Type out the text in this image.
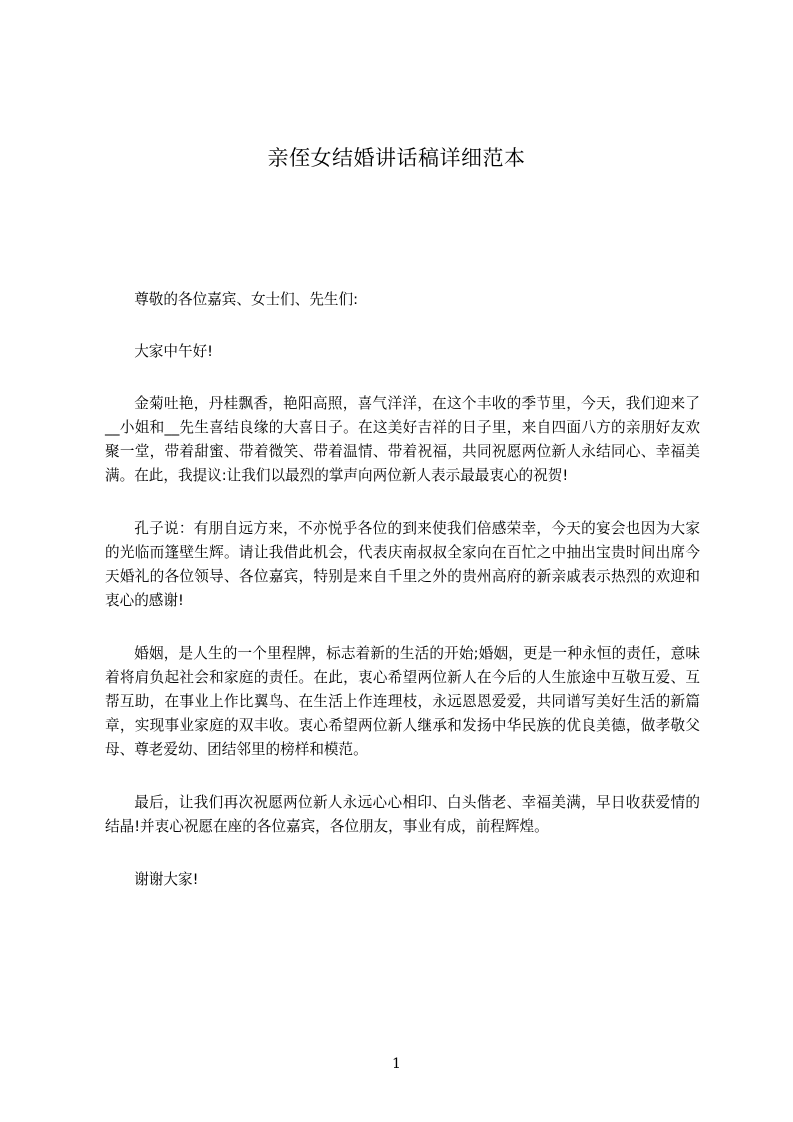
亲侄女结婚讲话稿详细范本

尊敬的各位嘉宾、女士们、先生们:

大家中午好!

金菊吐艳，丹桂飘香，艳阳高照，喜气洋洋，在这个丰收的季节里，今天，我们迎来了__小姐和__先生喜结良缘的大喜日子。在这美好吉祥的日子里，来自四面八方的亲朋好友欢聚一堂，带着甜蜜、带着微笑、带着温情、带着祝福，共同祝愿两位新人永结同心、幸福美满。在此，我提议:让我们以最烈的掌声向两位新人表示最最衷心的祝贺!

孔子说：有朋自远方来，不亦悦乎各位的到来使我们倍感荣幸，今天的宴会也因为大家的光临而篷壁生辉。请让我借此机会，代表庆南叔叔全家向在百忙之中抽出宝贵时间出席今天婚礼的各位领导、各位嘉宾，特别是来自千里之外的贵州高府的新亲戚表示热烈的欢迎和衷心的感谢!

婚姻，是人生的一个里程牌，标志着新的生活的开始;婚姻，更是一种永恒的责任，意味着将肩负起社会和家庭的责任。在此，衷心希望两位新人在今后的人生旅途中互敬互爱、互帮互助，在事业上作比翼鸟、在生活上作连理枝，永远恩恩爱爱，共同谱写美好生活的新篇章，实现事业家庭的双丰收。衷心希望两位新人继承和发扬中华民族的优良美德，做孝敬父母、尊老爱幼、团结邻里的榜样和模范。

最后，让我们再次祝愿两位新人永远心心相印、白头偕老、幸福美满，早日收获爱情的结晶!并衷心祝愿在座的各位嘉宾，各位朋友，事业有成，前程辉煌。

谢谢大家!

1
